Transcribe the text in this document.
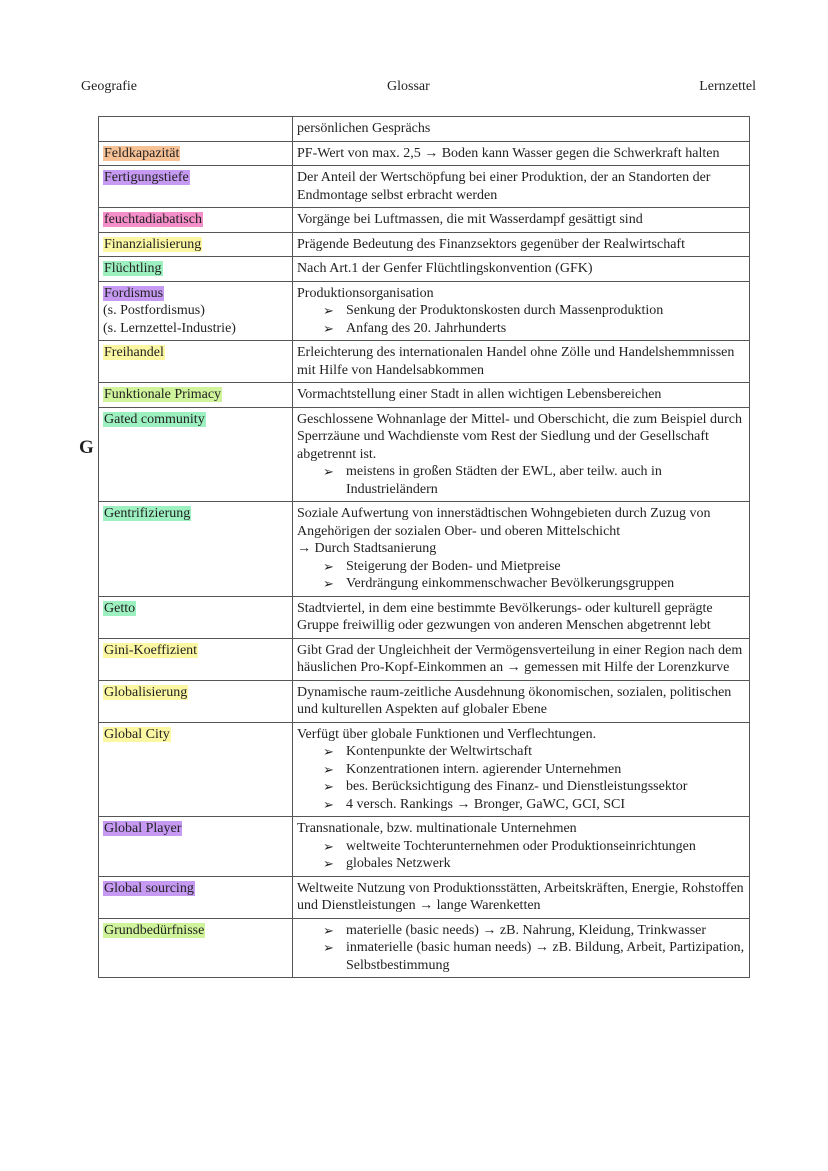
Geografie	Glossar	Lernzettel
G

	persönlichen Gesprächs

Feldkapazität	PF-Wert von max. 2,5 → Boden kann Wasser gegen die Schwerkraft halten

Fertigungstiefe	Der Anteil der Wertschöpfung bei einer Produktion, der an Standorten der Endmontage selbst erbracht werden

feuchtadiabatisch	Vorgänge bei Luftmassen, die mit Wasserdampf gesättigt sind

Finanzialisierung	Prägende Bedeutung des Finanzsektors gegenüber der Realwirtschaft

Flüchtling	Nach Art.1 der Genfer Flüchtlingskonvention (GFK)

Fordismus
(s. Postfordismus)
(s. Lernzettel-Industrie)	Produktionsorganisation
➢ Senkung der Produktonskosten durch Massenproduktion
➢ Anfang des 20. Jahrhunderts

Freihandel	Erleichterung des internationalen Handel ohne Zölle und Handelshemmnissen mit Hilfe von Handelsabkommen

Funktionale Primacy	Vormachtstellung einer Stadt in allen wichtigen Lebensbereichen

Gated community	Geschlossene Wohnanlage der Mittel- und Oberschicht, die zum Beispiel durch Sperrzäune und Wachdienste vom Rest der Siedlung und der Gesellschaft abgetrennt ist.
➢ meistens in großen Städten der EWL, aber teilw. auch in Industrieländern

Gentrifizierung	Soziale Aufwertung von innerstädtischen Wohngebieten durch Zuzug von Angehörigen der sozialen Ober- und oberen Mittelschicht
→ Durch Stadtsanierung
➢ Steigerung der Boden- und Mietpreise
➢ Verdrängung einkommenschwacher Bevölkerungsgruppen

Getto	Stadtviertel, in dem eine bestimmte Bevölkerungs- oder kulturell geprägte Gruppe freiwillig oder gezwungen von anderen Menschen abgetrennt lebt

Gini-Koeffizient	Gibt Grad der Ungleichheit der Vermögensverteilung in einer Region nach dem häuslichen Pro-Kopf-Einkommen an → gemessen mit Hilfe der Lorenzkurve

Globalisierung	Dynamische raum-zeitliche Ausdehnung ökonomischen, sozialen, politischen und kulturellen Aspekten auf globaler Ebene

Global City	Verfügt über globale Funktionen und Verflechtungen.
➢ Kontenpunkte der Weltwirtschaft
➢ Konzentrationen intern. agierender Unternehmen
➢ bes. Berücksichtigung des Finanz- und Dienstleistungssektor
➢ 4 versch. Rankings → Bronger, GaWC, GCI, SCI

Global Player	Transnationale, bzw. multinationale Unternehmen
➢ weltweite Tochterunternehmen oder Produktionseinrichtungen
➢ globales Netzwerk

Global sourcing	Weltweite Nutzung von Produktionsstätten, Arbeitskräften, Energie, Rohstoffen und Dienstleistungen → lange Warenketten

Grundbedürfnisse	➢ materielle (basic needs) → zB. Nahrung, Kleidung, Trinkwasser
➢ inmaterielle (basic human needs) → zB. Bildung, Arbeit, Partizipation, Selbstbestimmung
